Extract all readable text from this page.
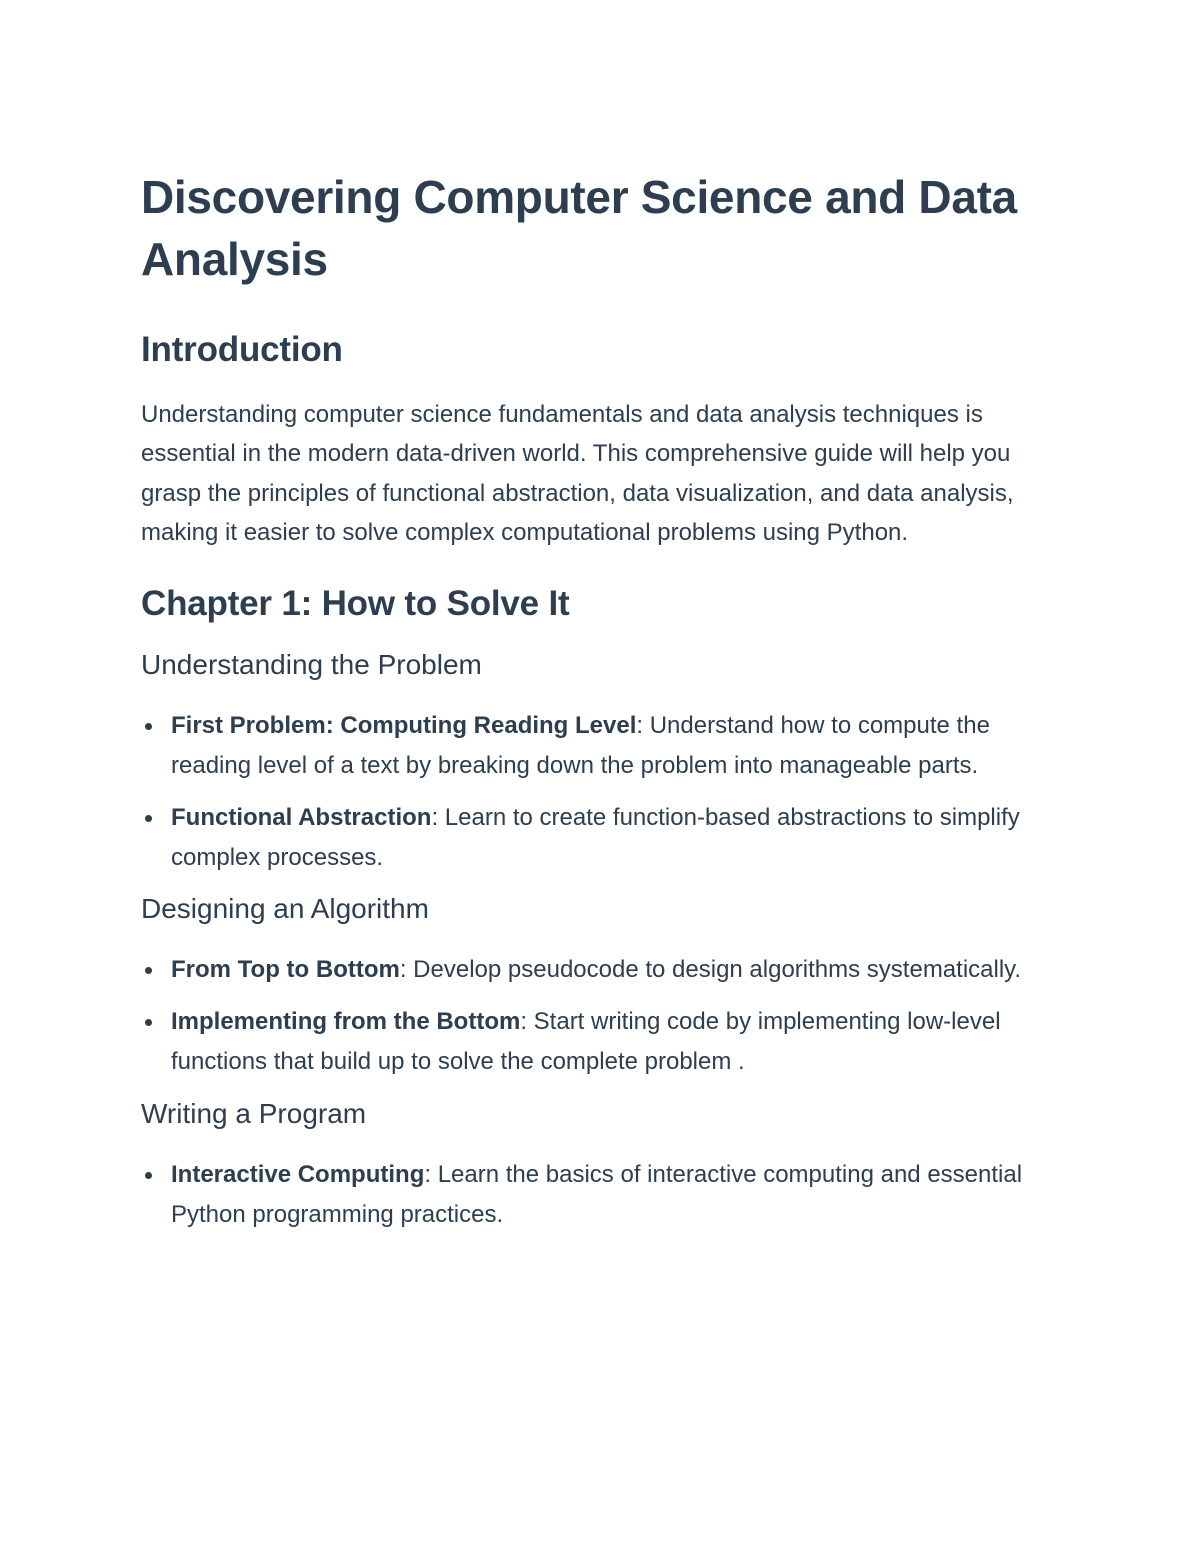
Discovering Computer Science and Data Analysis
Introduction

Understanding computer science fundamentals and data analysis techniques is essential in the modern data-driven world. This comprehensive guide will help you grasp the principles of functional abstraction, data visualization, and data analysis, making it easier to solve complex computational problems using Python.

Chapter 1: How to Solve It
Understanding the Problem
First Problem: Computing Reading Level: Understand how to compute the reading level of a text by breaking down the problem into manageable parts.
Functional Abstraction: Learn to create function-based abstractions to simplify complex processes.
Designing an Algorithm
From Top to Bottom: Develop pseudocode to design algorithms systematically.
Implementing from the Bottom: Start writing code by implementing low-level functions that build up to solve the complete problem .
Writing a Program
Interactive Computing: Learn the basics of interactive computing and essential Python programming practices.
